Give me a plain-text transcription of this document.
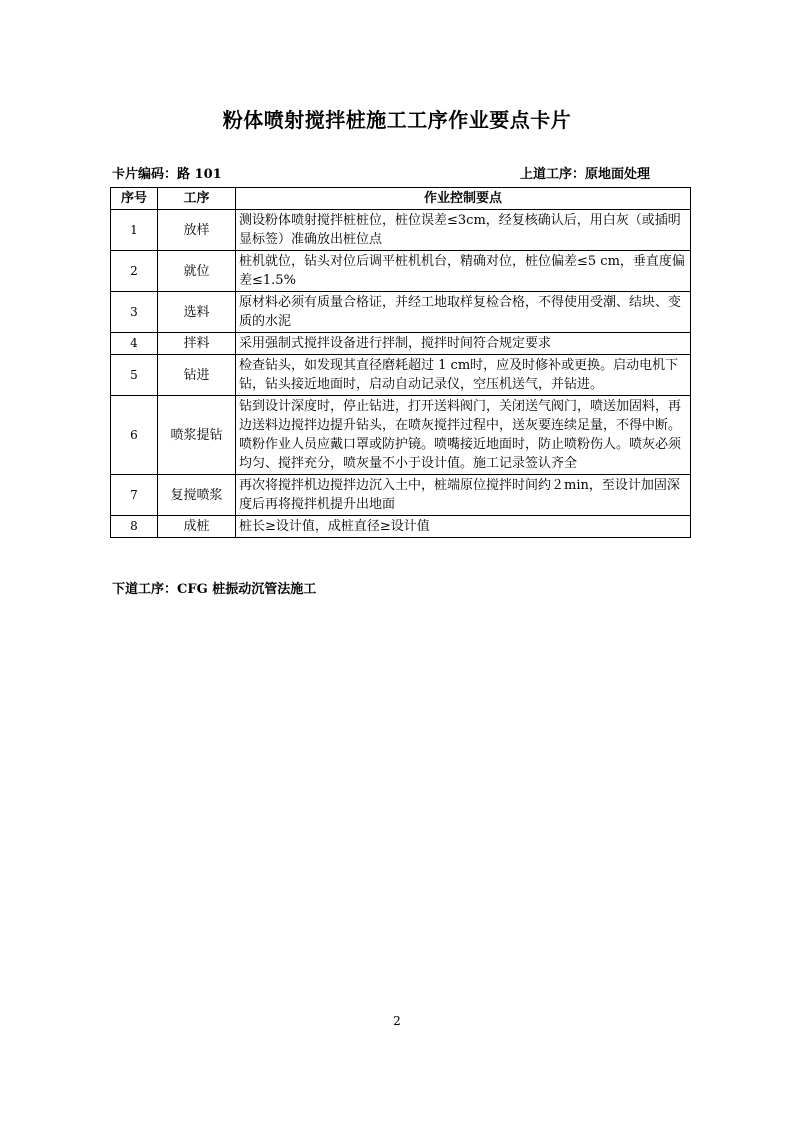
粉体喷射搅拌桩施工工序作业要点卡片
卡片编码：路 101	上道工序：原地面处理
序号	工序	作业控制要点
1	放样	测设粉体喷射搅拌桩桩位，桩位误差≤3cm，经复核确认后，用白灰（或插明显标签）准确放出桩位点
2	就位	桩机就位，钻头对位后调平桩机机台，精确对位，桩位偏差≤5 cm，垂直度偏差≤1.5%
3	选料	原材料必须有质量合格证，并经工地取样复检合格，不得使用受潮、结块、变质的水泥
4	拌料	采用强制式搅拌设备进行拌制，搅拌时间符合规定要求
5	钻进	检查钻头，如发现其直径磨耗超过 1 cm时，应及时修补或更换。启动电机下钻，钻头接近地面时，启动自动记录仪，空压机送气，并钻进。
6	喷浆提钻	钻到设计深度时，停止钻进，打开送料阀门，关闭送气阀门，喷送加固料，再边送料边搅拌边提升钻头，在喷灰搅拌过程中，送灰要连续足量，不得中断。喷粉作业人员应戴口罩或防护镜。喷嘴接近地面时，防止喷粉伤人。喷灰必须均匀、搅拌充分，喷灰量不小于设计值。施工记录签认齐全
7	复搅喷浆	再次将搅拌机边搅拌边沉入土中，桩端原位搅拌时间约２min，至设计加固深度后再将搅拌机提升出地面
8	成桩	桩长≥设计值，成桩直径≥设计值
下道工序：CFG 桩振动沉管法施工
2
